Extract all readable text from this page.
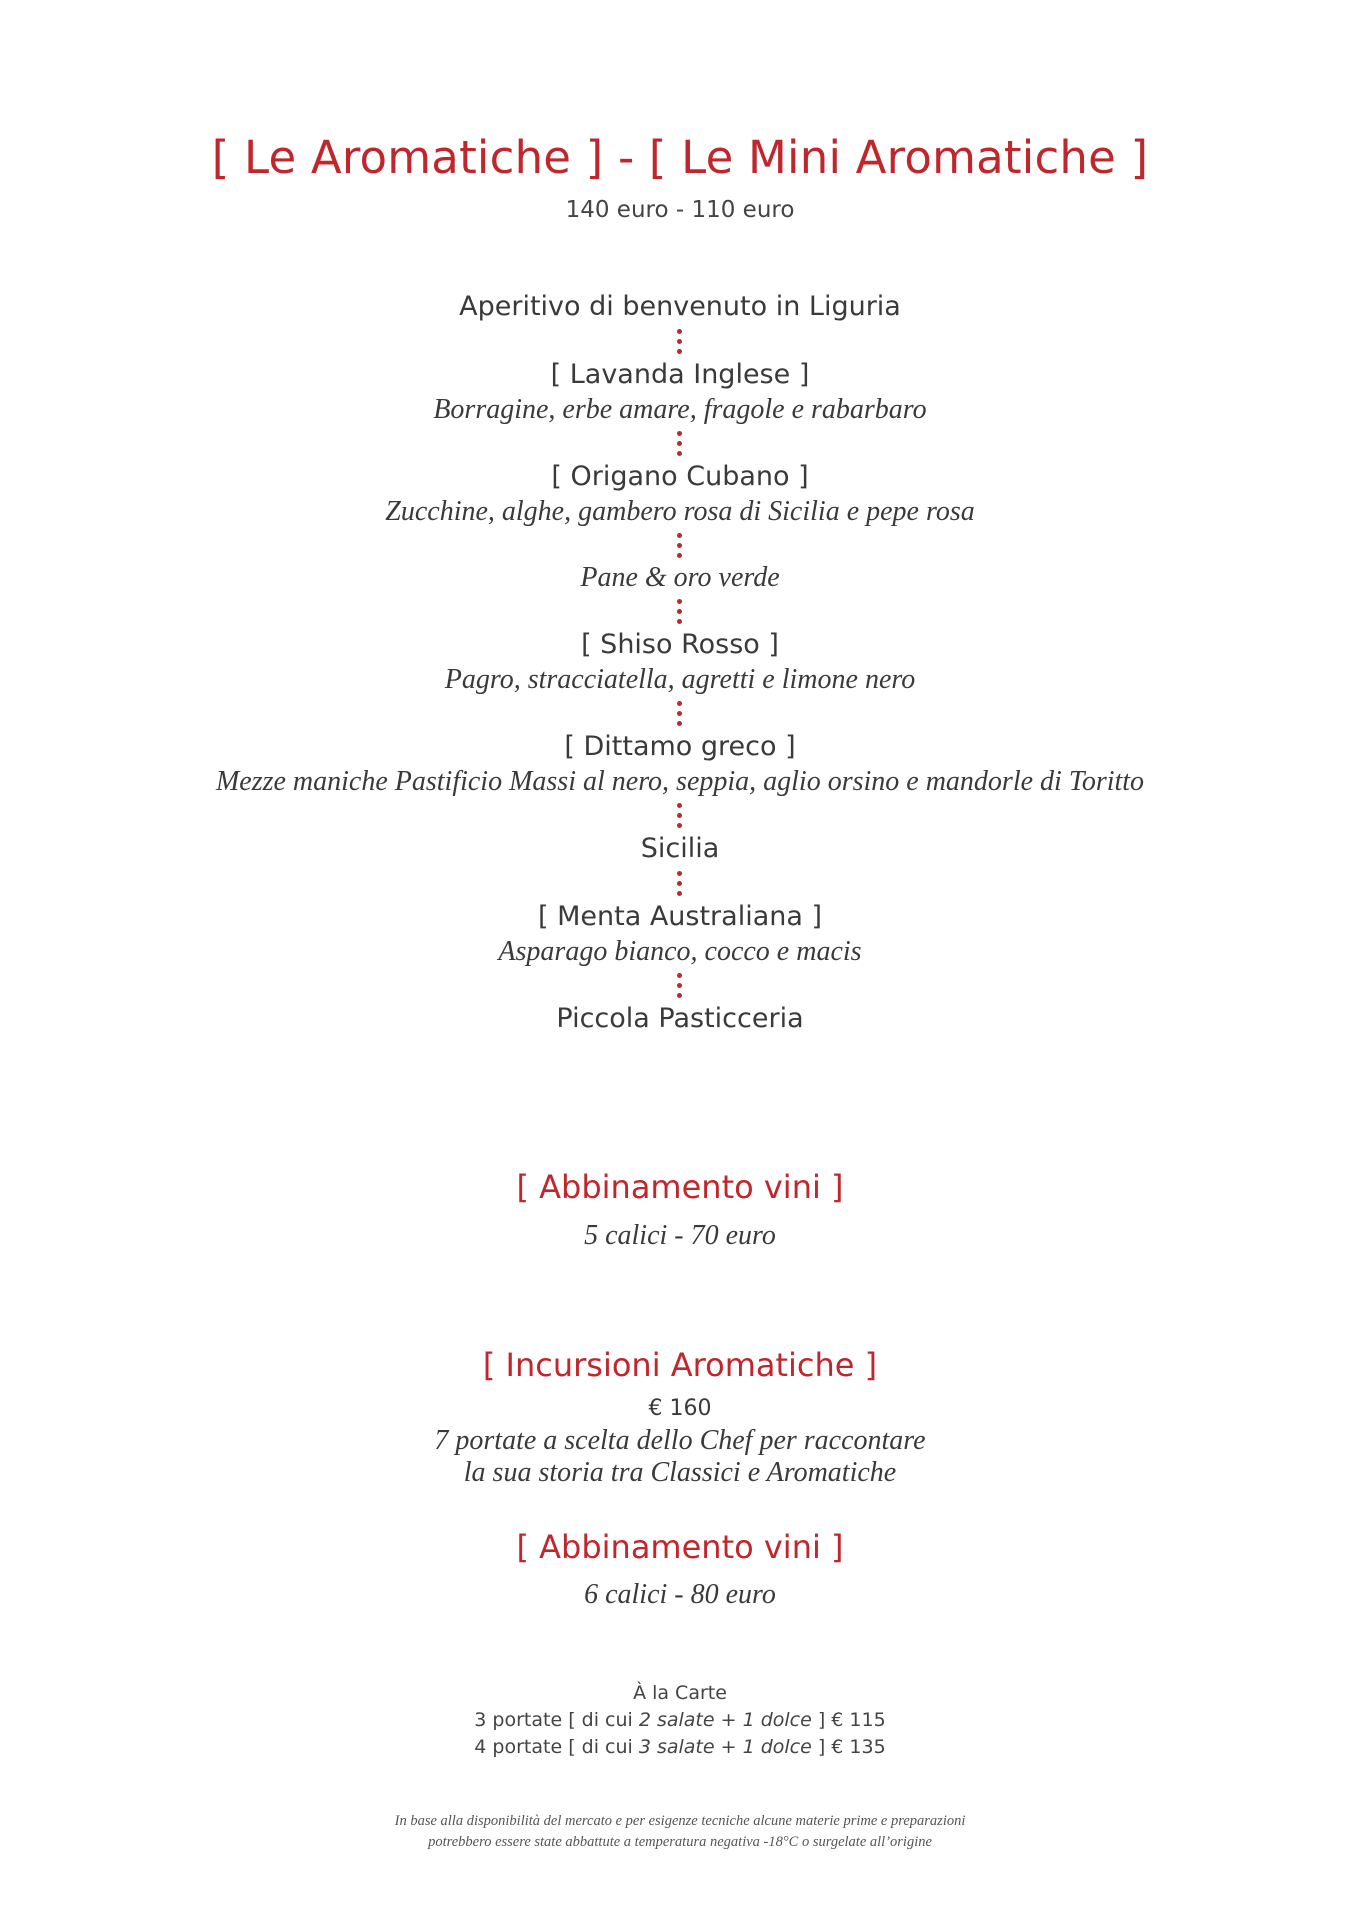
[ Le Aromatiche ] - [ Le Mini Aromatiche ]
140 euro - 110 euro
Aperitivo di benvenuto in Liguria
[ Lavanda Inglese ]
Borragine, erbe amare, fragole e rabarbaro
[ Origano Cubano ]
Zucchine, alghe, gambero rosa di Sicilia e pepe rosa
Pane & oro verde
[ Shiso Rosso ]
Pagro, stracciatella, agretti e limone nero
[ Dittamo greco ]
Mezze maniche Pastificio Massi al nero, seppia, aglio orsino e mandorle di Toritto
Sicilia
[ Menta Australiana ]
Asparago bianco, cocco e macis
Piccola Pasticceria
[ Abbinamento vini ]
5 calici - 70 euro
[ Incursioni Aromatiche ]
€ 160
7 portate a scelta dello Chef per raccontare
la sua storia tra Classici e Aromatiche
[ Abbinamento vini ]
6 calici - 80 euro
À la Carte
3 portate [ di cui 2 salate + 1 dolce ] € 115
4 portate [ di cui 3 salate + 1 dolce ] € 135
In base alla disponibilità del mercato e per esigenze tecniche alcune materie prime e preparazioni
potrebbero essere state abbattute a temperatura negativa -18°C o surgelate all’origine
